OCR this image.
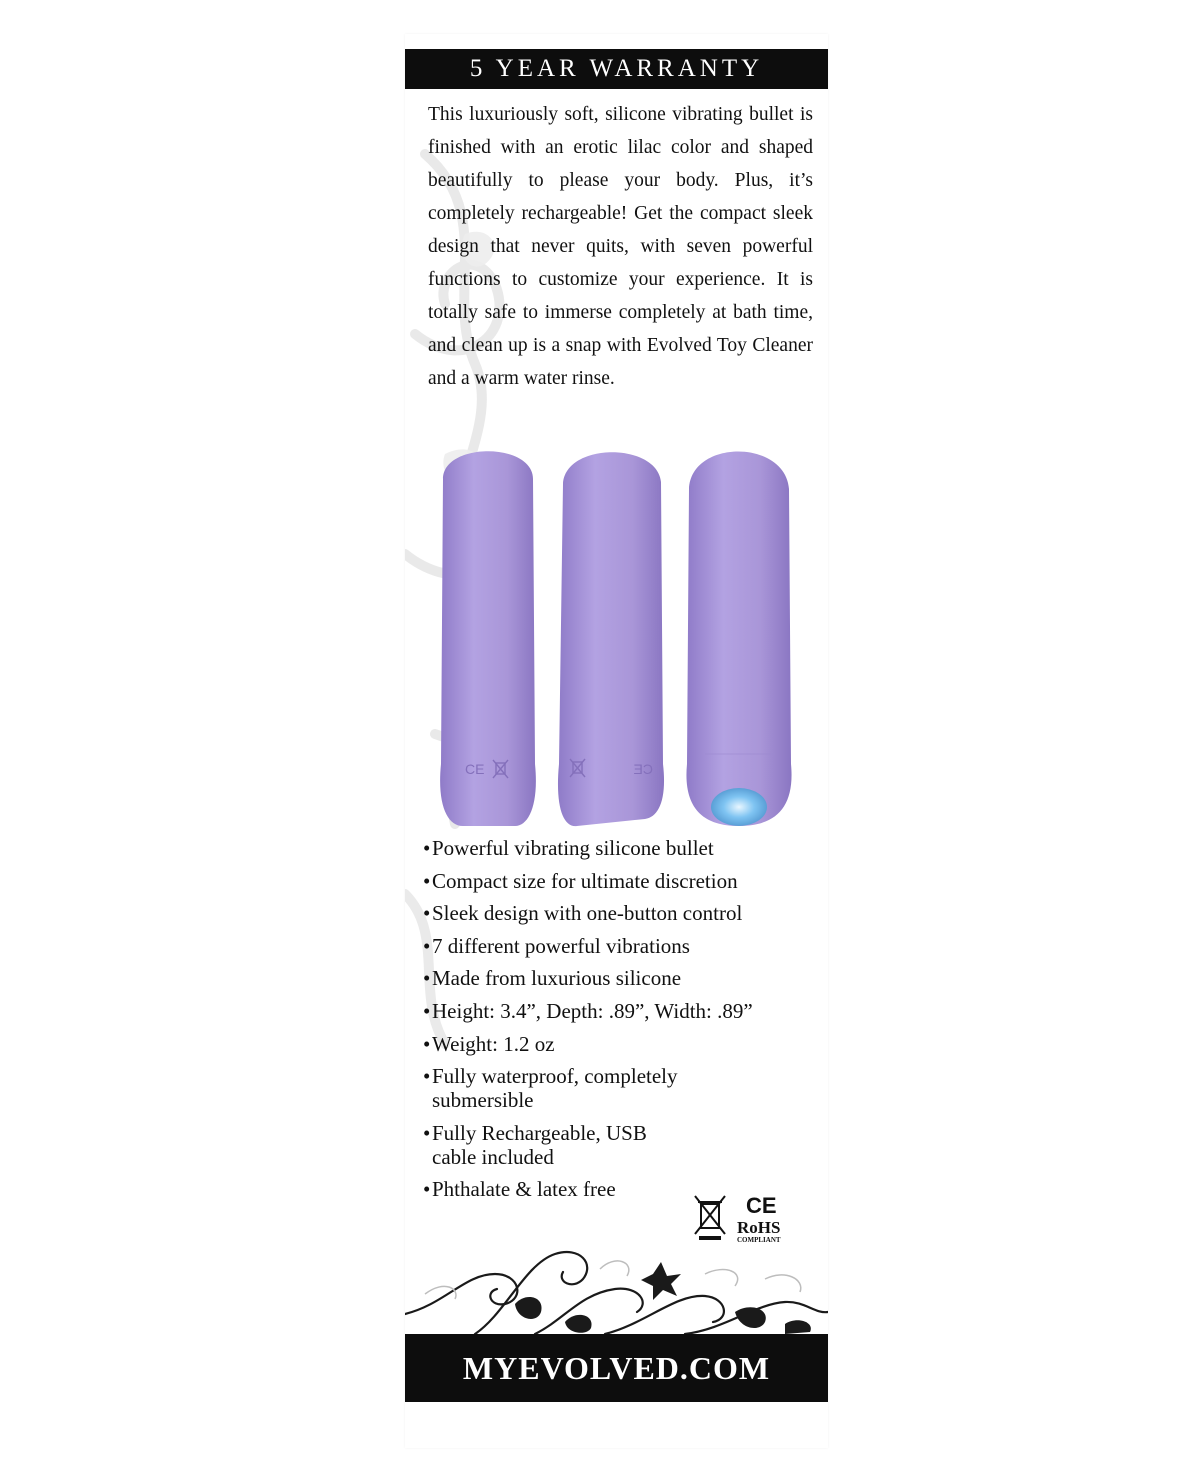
5 YEAR WARRANTY

This luxuriously soft, silicone vibrating bullet is finished with an erotic lilac color and shaped beautifully to please your body. Plus, it’s completely rechargeable! Get the compact sleek design that never quits, with seven powerful functions to customize your experience. It is totally safe to immerse completely at bath time, and clean up is a snap with Evolved Toy Cleaner and a warm water rinse.

CE	CE
• Powerful vibrating silicone bullet
• Compact size for ultimate discretion
• Sleek design with one-button control
• 7 different powerful vibrations
• Made from luxurious silicone
• Height: 3.4”, Depth: .89”, Width: .89”
• Weight: 1.2 oz
• Fully waterproof, completely submersible
• Fully Rechargeable, USB cable included
• Phthalate & latex free
CE
RoHS
COMPLIANT
MYEVOLVED.COM
